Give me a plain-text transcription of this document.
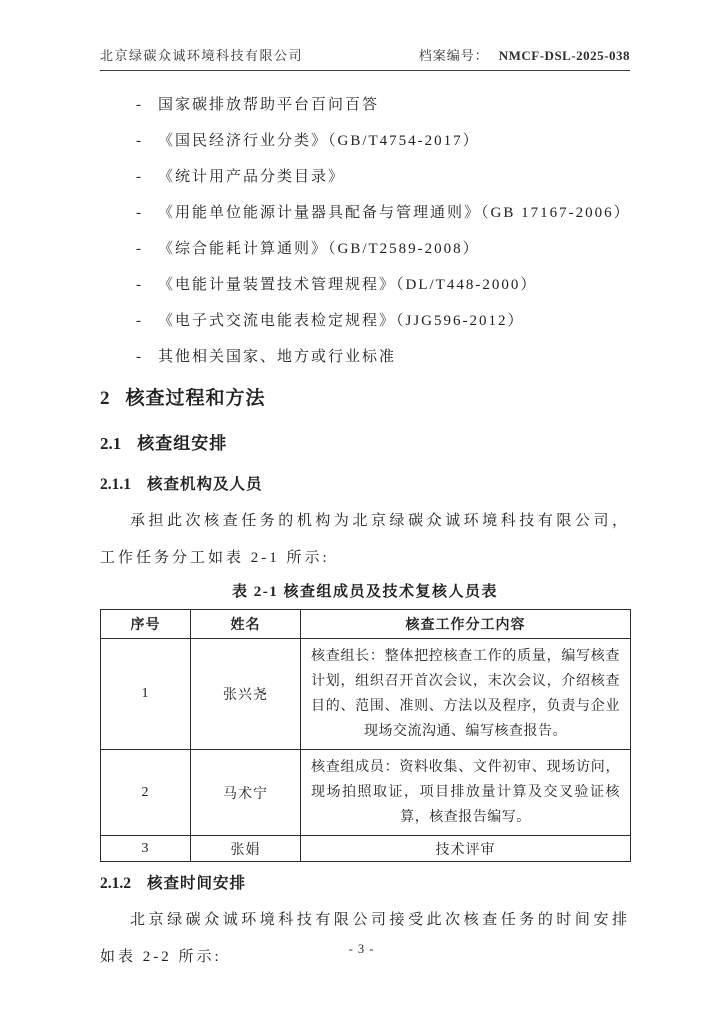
北京绿碳众诚环境科技有限公司	档案编号： NMCF-DSL-2025-038
- 国家碳排放帮助平台百问百答
- 《国民经济行业分类》（GB/T4754-2017）
- 《统计用产品分类目录》
- 《用能单位能源计量器具配备与管理通则》（GB 17167-2006）
- 《综合能耗计算通则》（GB/T2589-2008）
- 《电能计量装置技术管理规程》（DL/T448-2000）
- 《电子式交流电能表检定规程》（JJG596-2012）
- 其他相关国家、地方或行业标准
2 核查过程和方法
2.1 核查组安排
2.1.1 核查机构及人员

承担此次核查任务的机构为北京绿碳众诚环境科技有限公司，工作任务分工如表 2-1 所示:

表 2-1 核查组成员及技术复核人员表
序号	姓名	核查工作分工内容
1	张兴尧	核查组长：整体把控核查工作的质量，编写核查计划，组织召开首次会议，末次会议，介绍核查目的、范围、准则、方法以及程序，负责与企业现场交流沟通、编写核查报告。
2	马术宁	核查组成员：资料收集、文件初审、现场访问，现场拍照取证，项目排放量计算及交叉验证核算，核查报告编写。
3	张娟	技术评审
2.1.2 核查时间安排

北京绿碳众诚环境科技有限公司接受此次核查任务的时间安排如表 2-2 所示:	- 3 -
